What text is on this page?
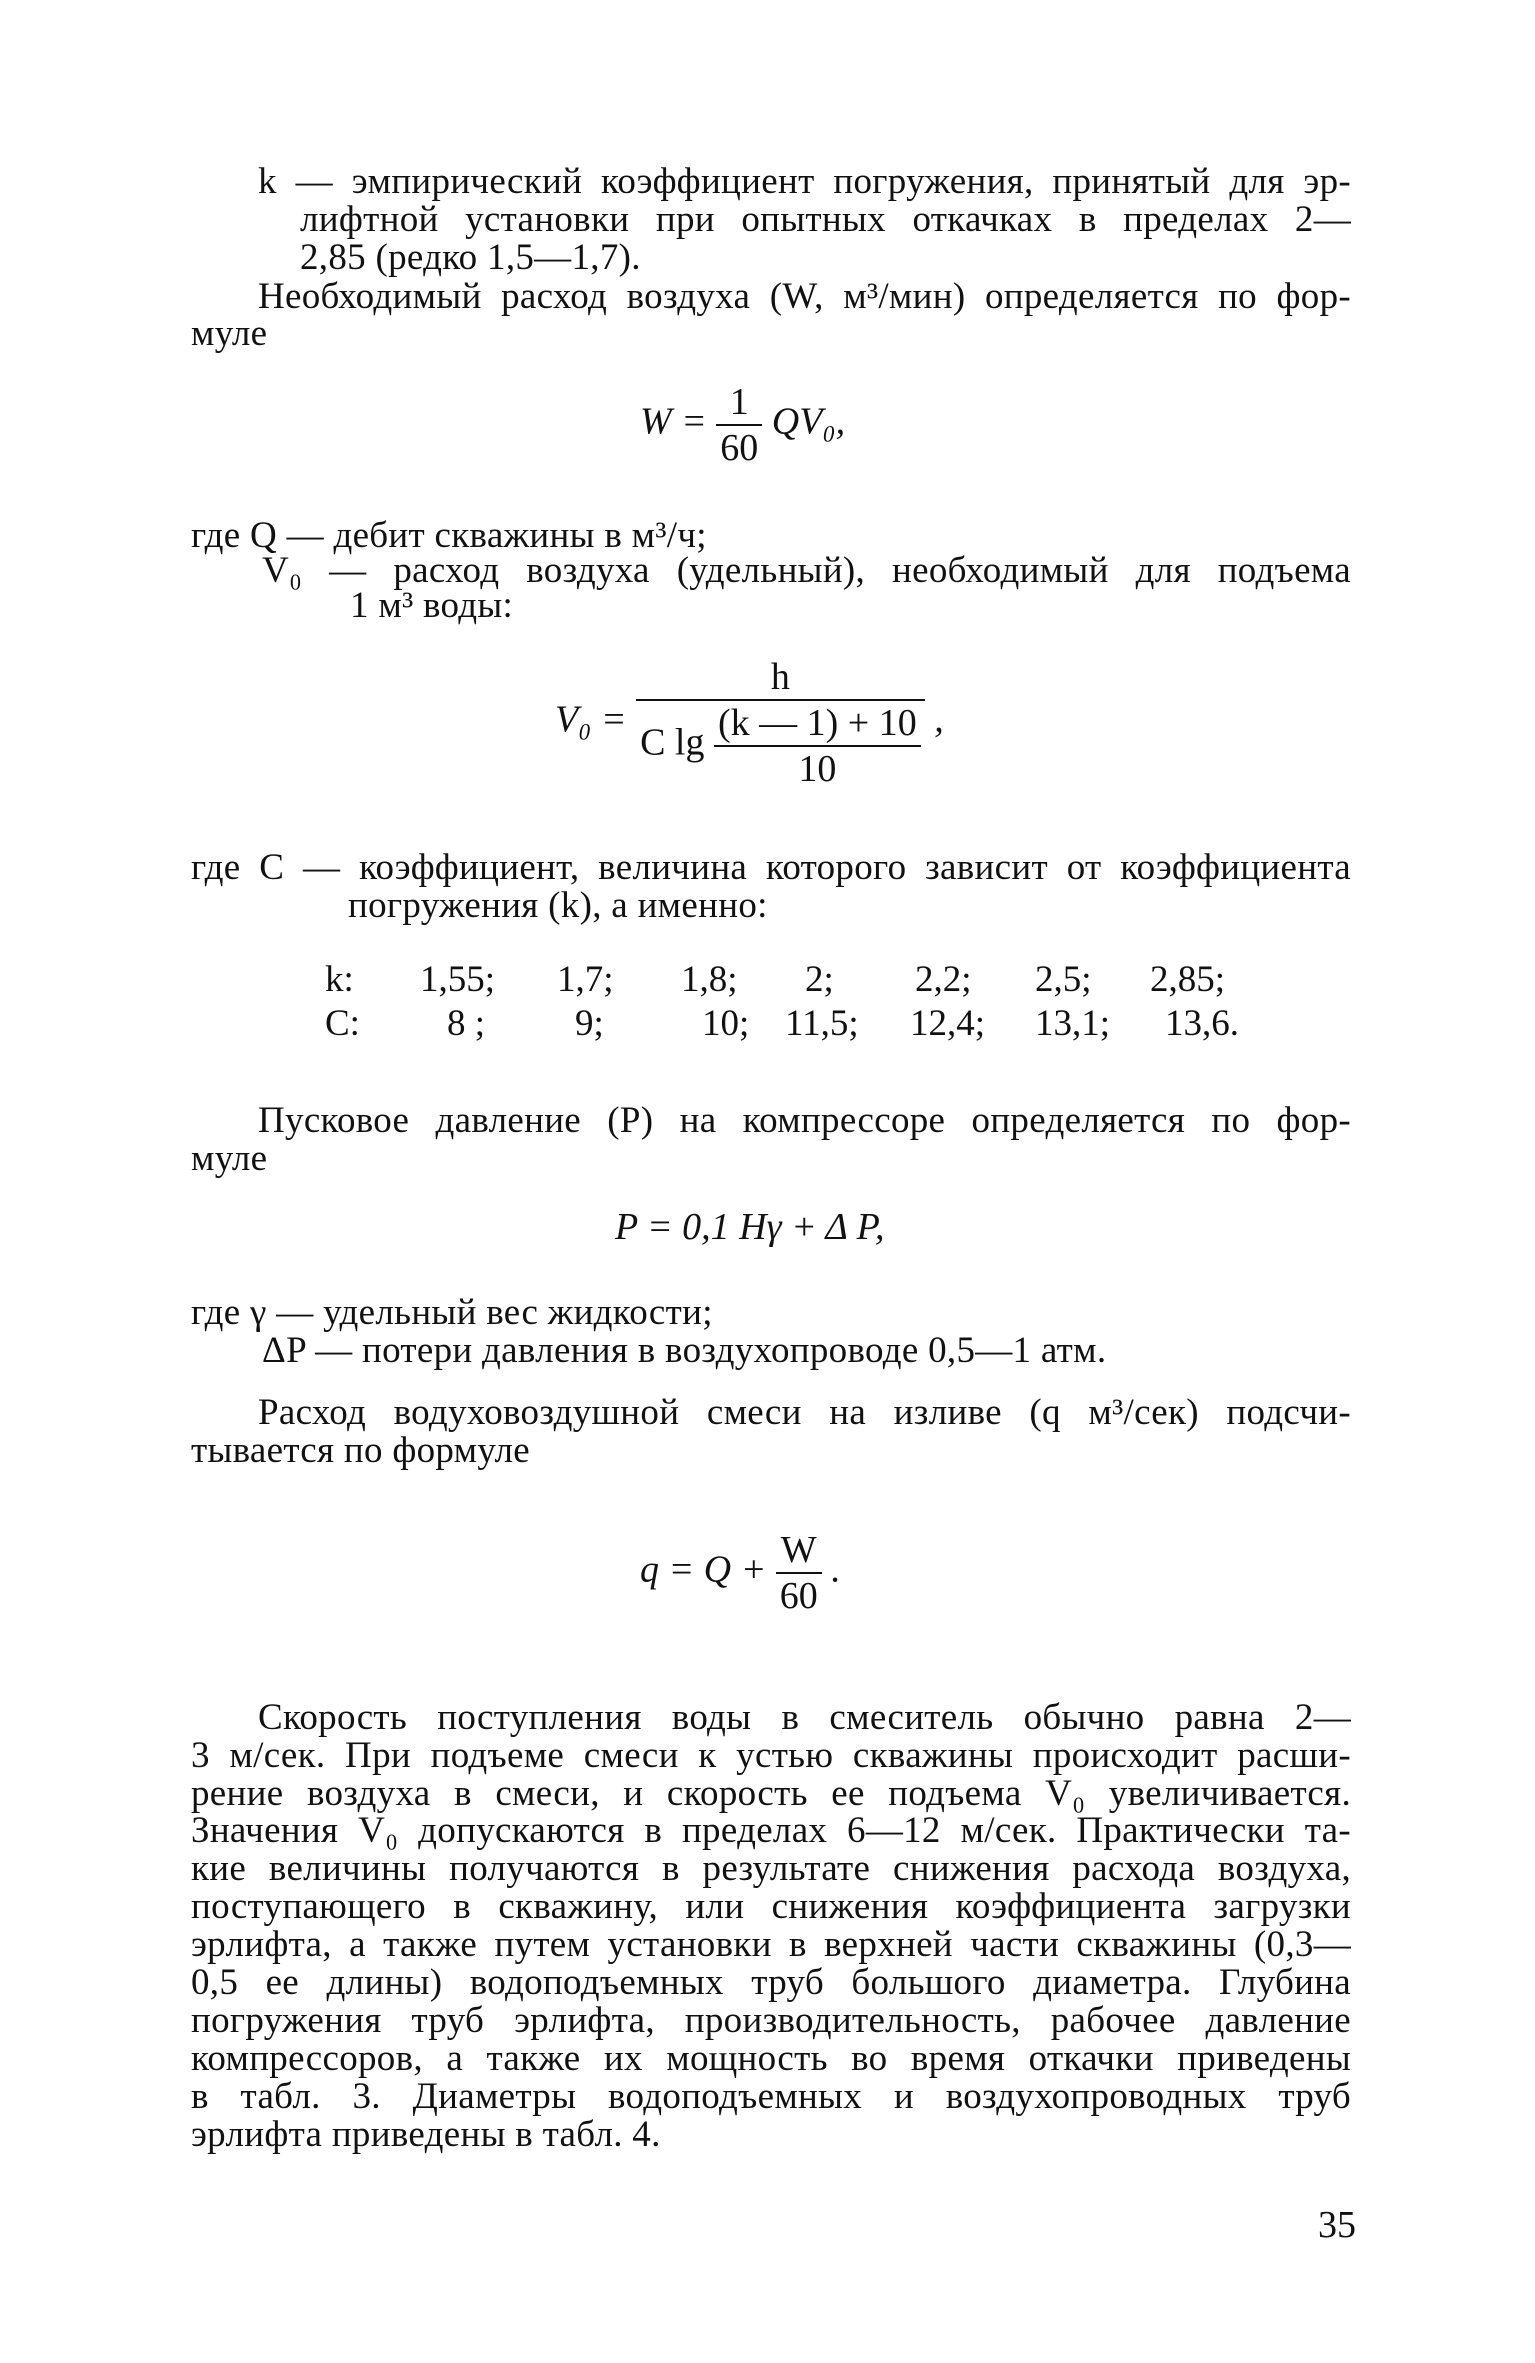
k — эмпирический коэффициент погружения, принятый для эр-
лифтной установки при опытных откачках в пределах 2—
2,85 (редко 1,5—1,7).
Необходимый расход воздуха (W, м³/мин) определяется по фор-
муле
$W = \frac{1}{60} QV_0$,
где Q — дебит скважины в м³/ч;
V₀ — расход воздуха (удельный), необходимый для подъема
1 м³ воды:
$V_0 = \frac{h}{C \lg \frac{(k — 1) + 10}{10}}$ ,
где C — коэффициент, величина которого зависит от коэффициента
погружения (k), а именно:
k: 1,55; 1,7; 1,8; 2; 2,2; 2,5; 2,85;
C: 8 ; 9;	10; 11,5; 12,4; 13,1; 13,6.
Пусковое давление (P) на компрессоре определяется по фор-
муле
P = 0,1 Hγ + Δ P,
где γ — удельный вес жидкости;
ΔP — потери давления в воздухопроводе 0,5—1 атм.
Расход водуховоздушной смеси на изливе (q м³/сек) подсчи-
тывается по формуле
$q = Q + \frac{W}{60}$ .
Скорость поступления воды в смеситель обычно равна 2—
3 м/сек. При подъеме смеси к устью скважины происходит расши-
рение воздуха в смеси, и скорость ее подъема V₀ увеличивается.
Значения V₀ допускаются в пределах 6—12 м/сек. Практически та-
кие величины получаются в результате снижения расхода воздуха,
поступающего в скважину, или снижения коэффициента загрузки
эрлифта, а также путем установки в верхней части скважины (0,3—
0,5 ее длины) водоподъемных труб большого диаметра. Глубина
погружения труб эрлифта, производительность, рабочее давление
компрессоров, а также их мощность во время откачки приведены
в табл. 3. Диаметры водоподъемных и воздухопроводных труб
эрлифта приведены в табл. 4.
35
